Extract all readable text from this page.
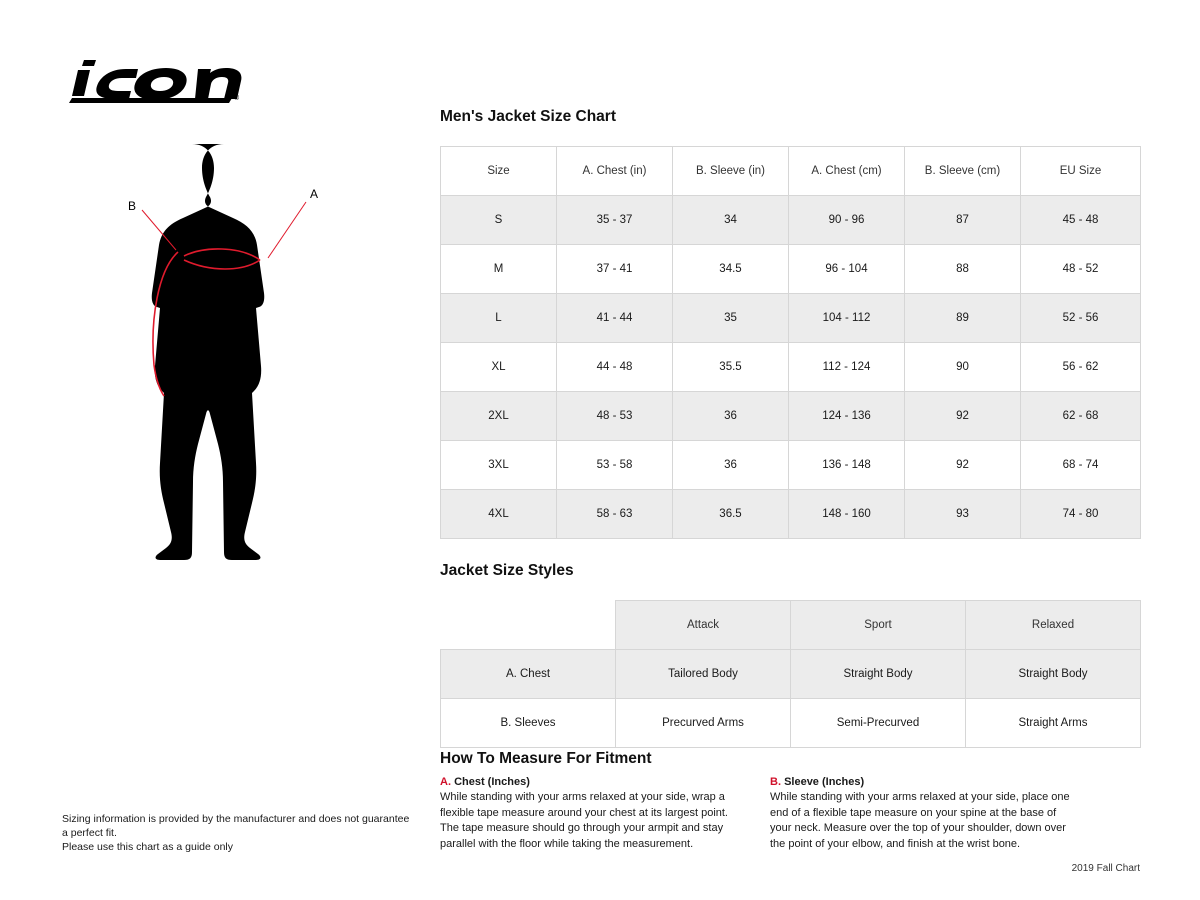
®
A
B
Sizing information is provided by the manufacturer and does not guarantee a perfect fit.
Please use this chart as a guide only
Men's Jacket Size Chart
Size	A. Chest (in)	B. Sleeve (in)	A. Chest (cm)	B. Sleeve (cm)	EU Size
S	35 - 37	34	90 - 96	87	45 - 48
M	37 - 41	34.5	96 - 104	88	48 - 52
L	41 - 44	35	104 - 112	89	52 - 56
XL	44 - 48	35.5	112 - 124	90	56 - 62
2XL	48 - 53	36	124 - 136	92	62 - 68
3XL	53 - 58	36	136 - 148	92	68 - 74
4XL	58 - 63	36.5	148 - 160	93	74 - 80
Jacket Size Styles
	Attack	Sport	Relaxed
A. Chest	Tailored Body	Straight Body	Straight Body
B. Sleeves	Precurved Arms	Semi-Precurved	Straight Arms
How To Measure For Fitment
A. Chest (Inches)
While standing with your arms relaxed at your side, wrap a flexible tape measure around your chest at its largest point. The tape measure should go through your armpit and stay parallel with the floor while taking the measurement.
B. Sleeve (Inches)
While standing with your arms relaxed at your side, place one end of a flexible tape measure on your spine at the base of your neck. Measure over the top of your shoulder, down over the point of your elbow, and finish at the wrist bone.
2019 Fall Chart
